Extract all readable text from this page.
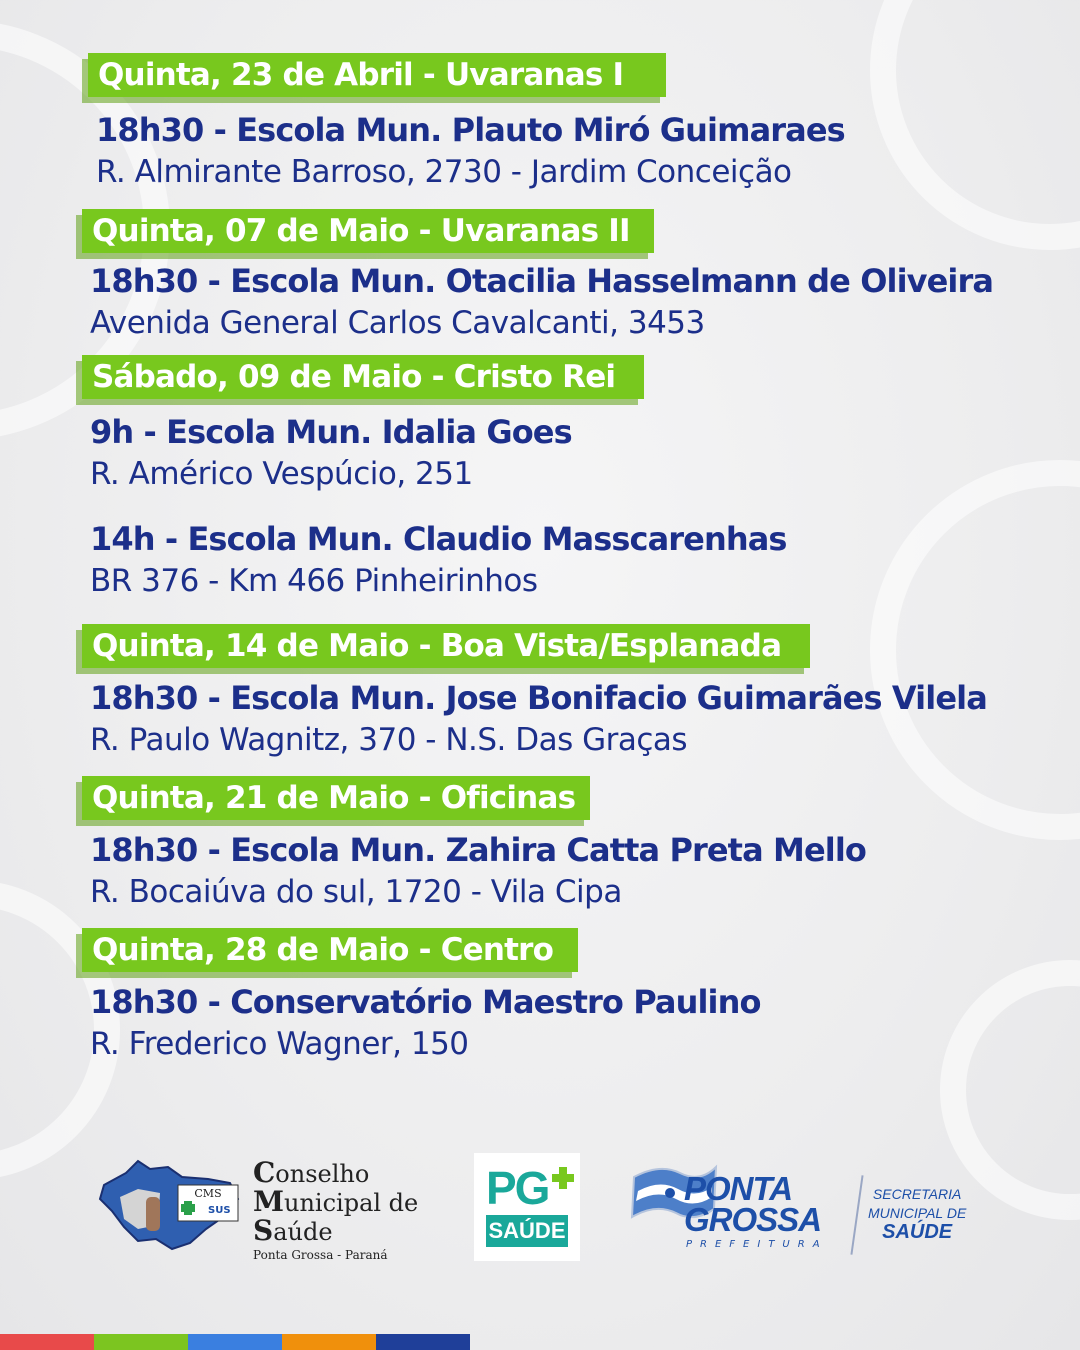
Quinta, 23 de Abril - Uvaranas I
18h30 - Escola Mun. Plauto Miró Guimaraes
R. Almirante Barroso, 2730 - Jardim Conceição
Quinta, 07 de Maio - Uvaranas II
18h30 - Escola Mun. Otacilia Hasselmann de Oliveira
Avenida General Carlos Cavalcanti, 3453
Sábado, 09 de Maio - Cristo Rei
9h - Escola Mun. Idalia Goes
R. Américo Vespúcio, 251
14h - Escola Mun. Claudio Masscarenhas
BR 376 - Km 466 Pinheirinhos
Quinta, 14 de Maio - Boa Vista/Esplanada
18h30 - Escola Mun. Jose Bonifacio Guimarães Vilela
R. Paulo Wagnitz, 370 - N.S. Das Graças
Quinta, 21 de Maio - Oficinas
18h30 - Escola Mun. Zahira Catta Preta Mello
R. Bocaiúva do sul, 1720 - Vila Cipa
Quinta, 28 de Maio - Centro
18h30 - Conservatório Maestro Paulino
R. Frederico Wagner, 150
CMS
SUS
Conselho
Municipal de
Saúde
Ponta Grossa - Paraná
PG
SAÚDE
PONTA
GROSSA
PREFEITURA
SECRETARIA
MUNICIPAL DE
SAÚDE
